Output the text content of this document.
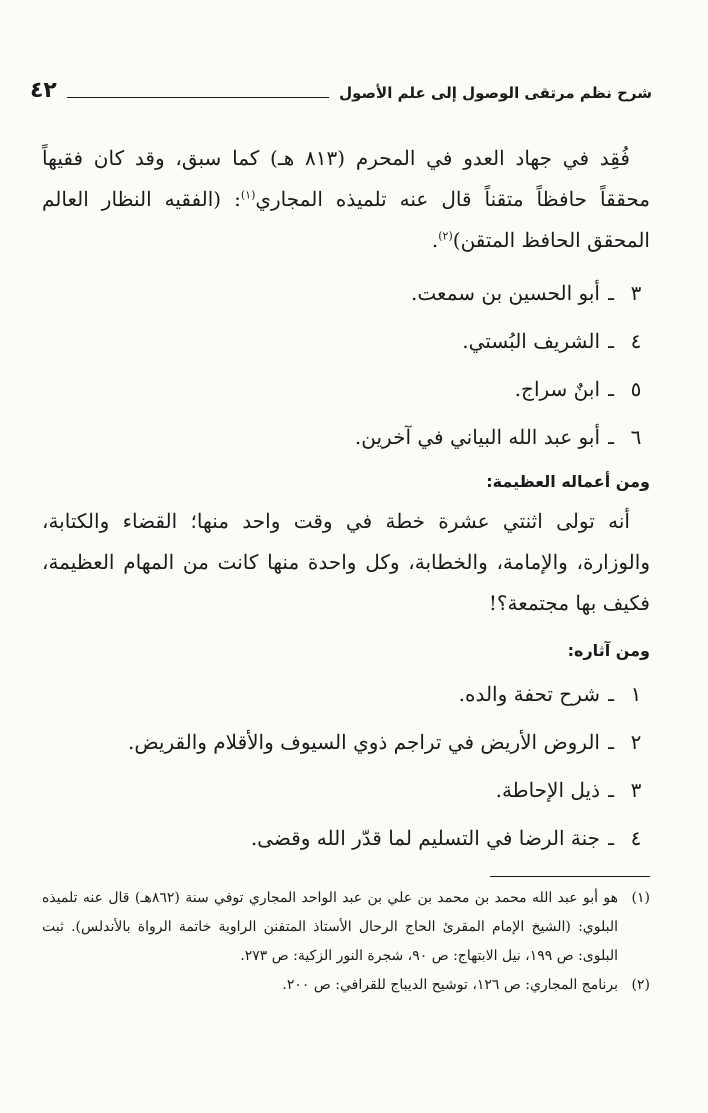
شرح نظم مرتقى الوصول إلى علم الأصول
٤٢

فُقِد في جهاد العدو في المحرم (٨١٣ هـ) كما سبق، وقد كان فقيهاً محققاً حافظاً متقناً قال عنه تلميذه المجاري$^{(١)}$: (الفقيه النظار العالم المحقق الحافظ المتقن)$^{(٢)}$.

٣
ـ
أبو الحسين بن سمعت.
٤
ـ
الشريف البُستي.
٥
ـ
ابنٌ سراج.
٦
ـ
أبو عبد الله البياني في آخرين.
ومن أعماله العظيمة:

أنه تولى اثنتي عشرة خطة في وقت واحد منها؛ القضاء والكتابة، والوزارة، والإمامة، والخطابة، وكل واحدة منها كانت من المهام العظيمة، فكيف بها مجتمعة؟!

ومن آثاره:
١
ـ
شرح تحفة والده.
٢
ـ
الروض الأريض في تراجم ذوي السيوف والأقلام والقريض.
٣
ـ
ذيل الإحاطة.
٤
ـ
جنة الرضا في التسليم لما قدّر الله وقضى.
(١)
هو أبو عبد الله محمد بن محمد بن علي بن عبد الواحد المجاري توفي سنة (٨٦٢هـ) قال عنه تلميذه البلوي: (الشيخ الإمام المقرئ الحاج الرحال الأستاذ المتفنن الراوية خاتمة الرواة بالأندلس). ثبت البلوى: ص ١٩٩، نيل الابتهاج: ص ٩٠، شجرة النور الزكية: ص ٢٧٣.
(٢)
برنامج المجاري: ص ١٢٦، توشيح الديباج للقرافي: ص ٢٠٠.
